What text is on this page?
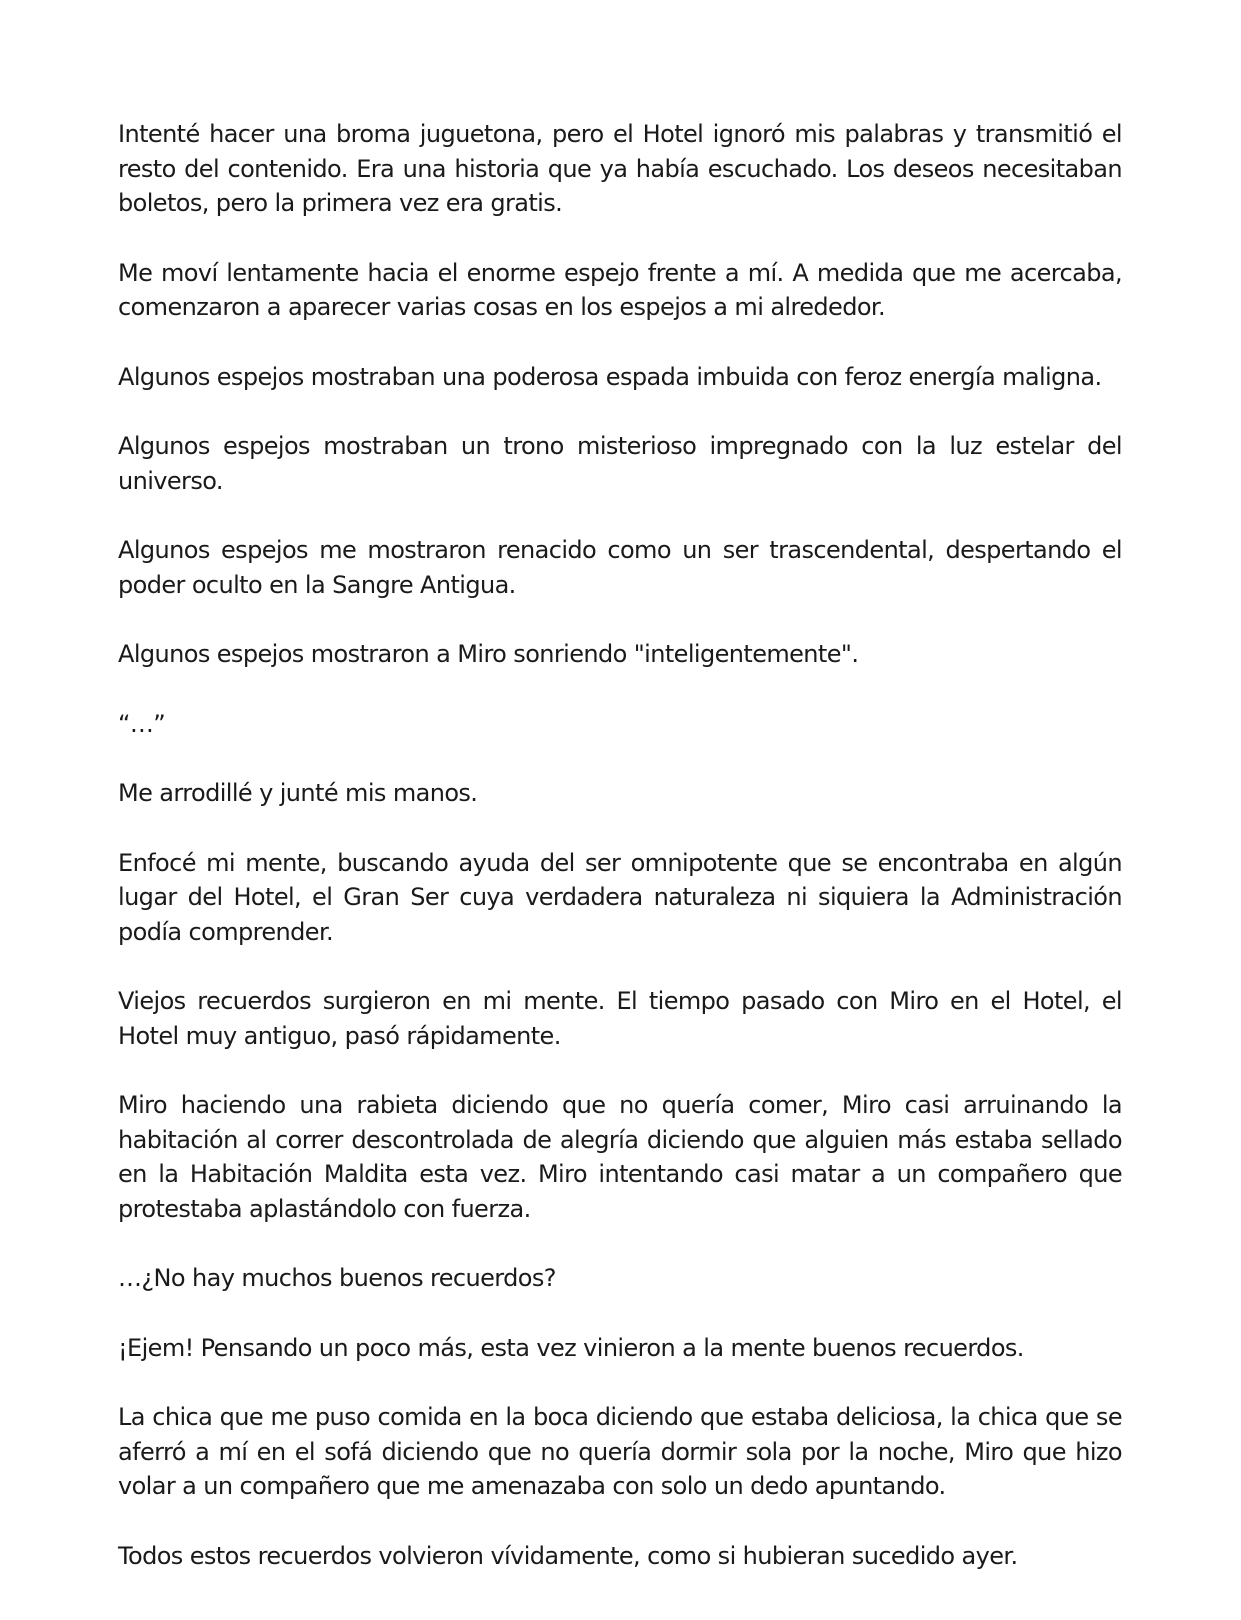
Intenté hacer una broma juguetona, pero el Hotel ignoró mis palabras y transmitió el resto del contenido. Era una historia que ya había escuchado. Los deseos necesitaban boletos, pero la primera vez era gratis.

Me moví lentamente hacia el enorme espejo frente a mí. A medida que me acercaba, comenzaron a aparecer varias cosas en los espejos a mi alrededor.

Algunos espejos mostraban una poderosa espada imbuida con feroz energía maligna.

Algunos espejos mostraban un trono misterioso impregnado con la luz estelar del universo.

Algunos espejos me mostraron renacido como un ser trascendental, despertando el poder oculto en la Sangre Antigua.

Algunos espejos mostraron a Miro sonriendo "inteligentemente".

“…”

Me arrodillé y junté mis manos.

Enfocé mi mente, buscando ayuda del ser omnipotente que se encontraba en algún lugar del Hotel, el Gran Ser cuya verdadera naturaleza ni siquiera la Administración podía comprender.

Viejos recuerdos surgieron en mi mente. El tiempo pasado con Miro en el Hotel, el Hotel muy antiguo, pasó rápidamente.

Miro haciendo una rabieta diciendo que no quería comer, Miro casi arruinando la habitación al correr descontrolada de alegría diciendo que alguien más estaba sellado en la Habitación Maldita esta vez. Miro intentando casi matar a un compañero que protestaba aplastándolo con fuerza.

…¿No hay muchos buenos recuerdos?

¡Ejem! Pensando un poco más, esta vez vinieron a la mente buenos recuerdos.

La chica que me puso comida en la boca diciendo que estaba deliciosa, la chica que se aferró a mí en el sofá diciendo que no quería dormir sola por la noche, Miro que hizo volar a un compañero que me amenazaba con solo un dedo apuntando.

Todos estos recuerdos volvieron vívidamente, como si hubieran sucedido ayer.
